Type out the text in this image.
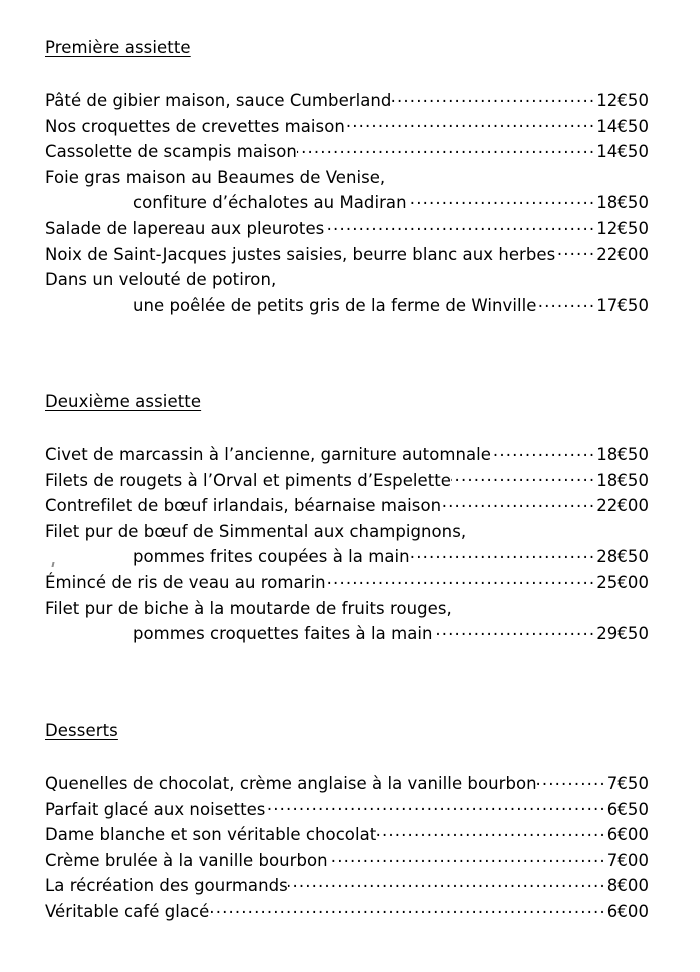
Première assiette
Pâté de gibier maison, sauce Cumberland .....	12€50
Nos croquettes de crevettes maison .....	14€50
Cassolette de scampis maison .....	14€50
Foie gras maison au Beaumes de Venise,
confiture d’échalotes au Madiran .....	18€50
Salade de lapereau aux pleurotes .....	12€50
Noix de Saint-Jacques justes saisies, beurre blanc aux herbes ..... 22€00
Dans un velouté de potiron,
une poêlée de petits gris de la ferme de Winville .....	17€50
Deuxième assiette
Civet de marcassin à l’ancienne, garniture automnale .....	18€50
Filets de rougets à l’Orval et piments d’Espelette .....	18€50
Contrefilet de bœuf irlandais, béarnaise maison .....	22€00
Filet pur de bœuf de Simmental aux champignons,
pommes frites coupées à la main .....	28€50
Émincé de ris de veau au romarin .....	25€00
Filet pur de biche à la moutarde de fruits rouges,
pommes croquettes faites à la main .....	29€50
Desserts
Quenelles de chocolat, crème anglaise à la vanille bourbon .....	7€50
Parfait glacé aux noisettes .....	6€50
Dame blanche et son véritable chocolat .....	6€00
Crème brulée à la vanille bourbon .....	7€00
La récréation des gourmands .....	8€00
Véritable café glacé .....	6€00
